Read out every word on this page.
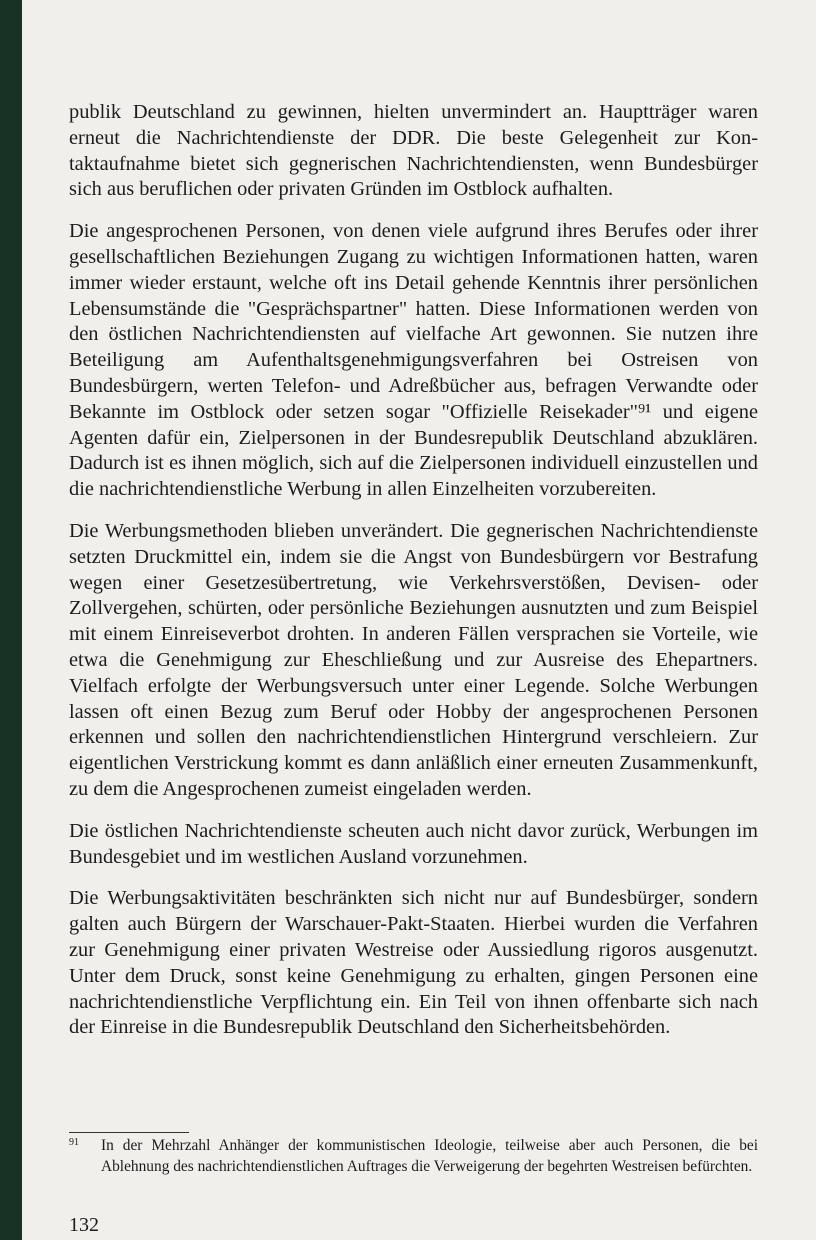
publik Deutschland zu gewinnen, hielten unvermindert an. Hauptträger waren erneut die Nachrichtendienste der DDR. Die beste Gelegenheit zur Kontaktaufnahme bietet sich gegnerischen Nachrichtendiensten, wenn Bundesbürger sich aus beruflichen oder privaten Gründen im Ostblock aufhalten.

Die angesprochenen Personen, von denen viele aufgrund ihres Berufes oder ihrer gesellschaftlichen Beziehungen Zugang zu wichtigen Informationen hatten, waren immer wieder erstaunt, welche oft ins Detail gehende Kenntnis ihrer persönlichen Lebensumstände die "Gesprächspartner" hatten. Diese Informationen werden von den östlichen Nachrichtendiensten auf vielfache Art gewonnen. Sie nutzen ihre Beteiligung am Aufenthaltsgenehmigungsverfahren bei Ostreisen von Bundesbürgern, werten Telefon- und Adreßbücher aus, befragen Verwandte oder Bekannte im Ostblock oder setzen sogar "Offizielle Reisekader"⁹¹ und eigene Agenten dafür ein, Zielpersonen in der Bundesrepublik Deutschland abzuklären. Dadurch ist es ihnen möglich, sich auf die Zielpersonen individuell einzustellen und die nachrichtendienstliche Werbung in allen Einzelheiten vorzubereiten.

Die Werbungsmethoden blieben unverändert. Die gegnerischen Nachrichtendienste setzten Druckmittel ein, indem sie die Angst von Bundesbürgern vor Bestrafung wegen einer Gesetzesübertretung, wie Verkehrsverstößen, Devisen- oder Zollvergehen, schürten, oder persönliche Beziehungen ausnutzten und zum Beispiel mit einem Einreiseverbot drohten. In anderen Fällen versprachen sie Vorteile, wie etwa die Genehmigung zur Eheschließung und zur Ausreise des Ehepartners. Vielfach erfolgte der Werbungsversuch unter einer Legende. Solche Werbungen lassen oft einen Bezug zum Beruf oder Hobby der angesprochenen Personen erkennen und sollen den nachrichtendienstlichen Hintergrund verschleiern. Zur eigentlichen Verstrickung kommt es dann anläßlich einer erneuten Zusammenkunft, zu dem die Angesprochenen zumeist eingeladen werden.

Die östlichen Nachrichtendienste scheuten auch nicht davor zurück, Werbungen im Bundesgebiet und im westlichen Ausland vorzunehmen.

Die Werbungsaktivitäten beschränkten sich nicht nur auf Bundesbürger, sondern galten auch Bürgern der Warschauer-Pakt-Staaten. Hierbei wurden die Verfahren zur Genehmigung einer privaten Westreise oder Aussiedlung rigoros ausgenutzt. Unter dem Druck, sonst keine Genehmigung zu erhalten, gingen Personen eine nachrichtendienstliche Verpflichtung ein. Ein Teil von ihnen offenbarte sich nach der Einreise in die Bundesrepublik Deutschland den Sicherheitsbehörden.

91	In der Mehrzahl Anhänger der kommunistischen Ideologie, teilweise aber auch Personen, die bei Ablehnung des nachrichtendienstlichen Auftrages die Verweigerung der begehrten Westreisen befürchten.

132
